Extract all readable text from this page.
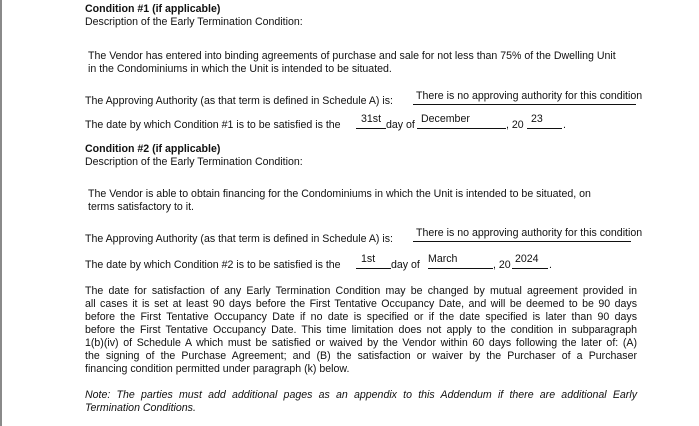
Condition #1 (if applicable)
Description of the Early Termination Condition:
The Vendor has entered into binding agreements of purchase and sale for not less than 75% of the Dwelling Unit
in the Condominiums in which the Unit is intended to be situated.
The Approving Authority (as that term is defined in Schedule A) is: There is no approving authority for this condition
The date by which Condition #1 is to be satisfied is the 31st day of December	, 20 23 .
Condition #2 (if applicable)
Description of the Early Termination Condition:
The Vendor is able to obtain financing for the Condominiums in which the Unit is intended to be situated, on
terms satisfactory to it.
The Approving Authority (as that term is defined in Schedule A) is: There is no approving authority for this condition
The date by which Condition #2 is to be satisfied is the 1st day of March	, 20 2024 .
The date for satisfaction of any Early Termination Condition may be changed by mutual agreement provided in
all cases it is set at least 90 days before the First Tentative Occupancy Date, and will be deemed to be 90 days
before the First Tentative Occupancy Date if no date is specified or if the date specified is later than 90 days
before the First Tentative Occupancy Date. This time limitation does not apply to the condition in subparagraph
1(b)(iv) of Schedule A which must be satisfied or waived by the Vendor within 60 days following the later of: (A)
the signing of the Purchase Agreement; and (B) the satisfaction or waiver by the Purchaser of a Purchaser
financing condition permitted under paragraph (k) below.
Note: The parties must add additional pages as an appendix to this Addendum if there are additional Early
Termination Conditions.
